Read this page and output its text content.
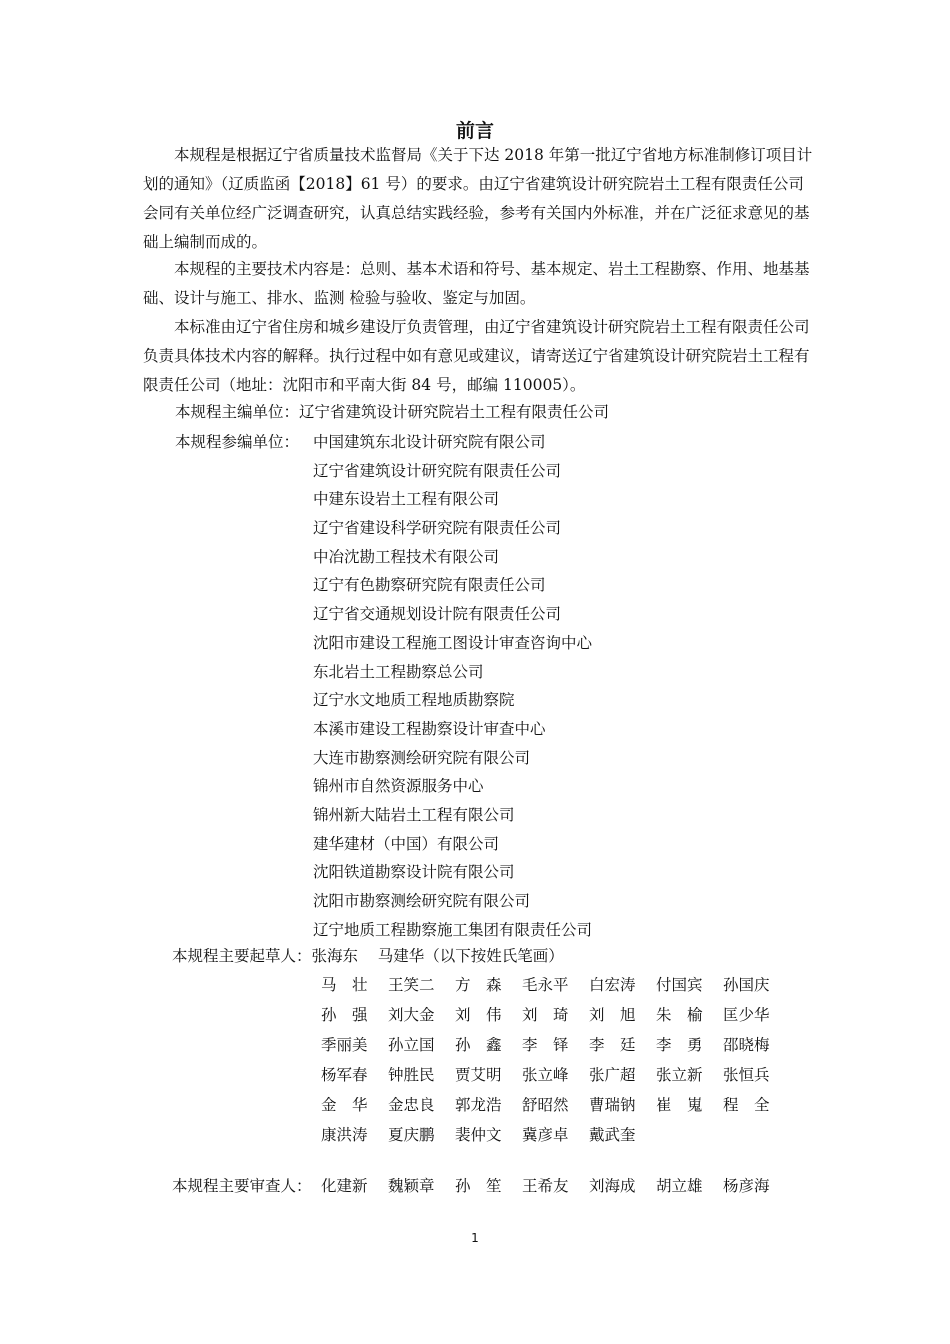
前言
本规程是根据辽宁省质量技术监督局《关于下达 2018 年第一批辽宁省地方标准制修订项目计划的通知》（辽质监函【2018】61 号）的要求。由辽宁省建筑设计研究院岩土工程有限责任公司会同有关单位经广泛调查研究，认真总结实践经验，参考有关国内外标准，并在广泛征求意见的基础上编制而成的。
本规程的主要技术内容是：总则、基本术语和符号、基本规定、岩土工程勘察、作用、地基基础、设计与施工、排水、监测 检验与验收、鉴定与加固。
本标准由辽宁省住房和城乡建设厅负责管理，由辽宁省建筑设计研究院岩土工程有限责任公司负责具体技术内容的解释。执行过程中如有意见或建议，请寄送辽宁省建筑设计研究院岩土工程有限责任公司（地址：沈阳市和平南大街 84 号，邮编 110005）。
本规程主编单位：辽宁省建筑设计研究院岩土工程有限责任公司
本规程参编单位： 中国建筑东北设计研究院有限公司
辽宁省建筑设计研究院有限责任公司
中建东设岩土工程有限公司
辽宁省建设科学研究院有限责任公司
中冶沈勘工程技术有限公司
辽宁有色勘察研究院有限责任公司
辽宁省交通规划设计院有限责任公司
沈阳市建设工程施工图设计审查咨询中心
东北岩土工程勘察总公司
辽宁水文地质工程地质勘察院
本溪市建设工程勘察设计审查中心
大连市勘察测绘研究院有限公司
锦州市自然资源服务中心
锦州新大陆岩土工程有限公司
建华建材（中国）有限公司
沈阳铁道勘察设计院有限公司
沈阳市勘察测绘研究院有限公司
辽宁地质工程勘察施工集团有限责任公司
本规程主要起草人：张海东    马建华（以下按姓氏笔画）
马　壮	王笑二	方　森	毛永平	白宏涛	付国宾	孙国庆
孙　强	刘大金	刘　伟	刘　琦	刘　旭	朱　榆	匡少华
季丽美	孙立国	孙　鑫	李　铎	李　廷	李　勇	邵晓梅
杨军春	钟胜民	贾艾明	张立峰	张广超	张立新	张恒兵
金　华	金忠良	郭龙浩	舒昭然	曹瑞钠	崔　嵬	程　全
康洪涛	夏庆鹏	裴仲文	冀彦卓	戴武奎
本规程主要审查人： 化建新	魏颖章	孙　笙	王希友	刘海成	胡立雄	杨彦海
1
